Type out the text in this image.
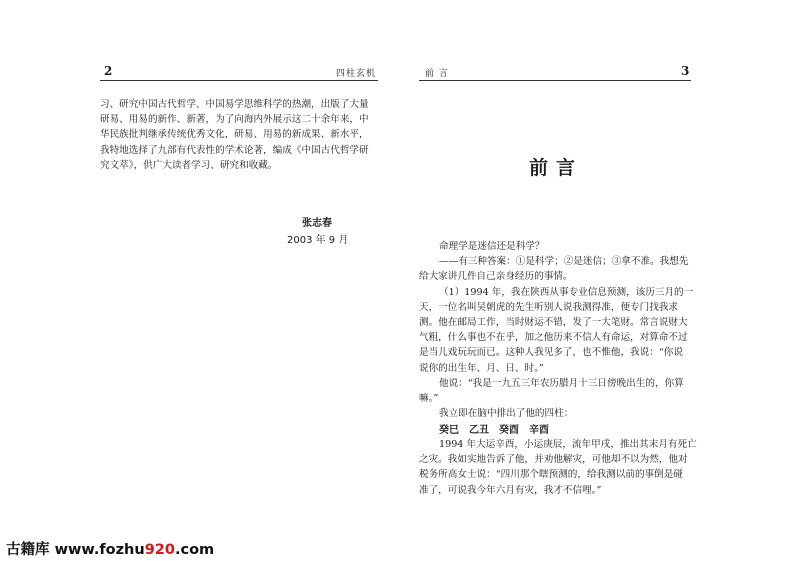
2	四柱玄机
习、研究中国古代哲学、中国易学思维科学的热潮，出版了大量
研易、用易的新作、新著，为了向海内外展示这二十余年来，中
华民族批判继承传统优秀文化，研易、用易的新成果、新水平，
我特地选择了九部有代表性的学术论著，编成《中国古代哲学研
究文萃》，供广大读者学习、研究和收藏。
张志春
2003 年 9 月
前 言	3
前言
命理学是迷信还是科学？
——有三种答案：①是科学；②是迷信；③拿不准。我想先
给大家讲几件自己亲身经历的事情。
（1）1994 年，我在陕西从事专业信息预测，该历三月的一
天，一位名叫吴朝虎的先生听别人说我测得准，便专门找我求
测。他在邮局工作，当时财运不错，发了一大笔财。常言说财大
气粗，什么事也不在乎，加之他历来不信人有命运，对算命不过
是当儿戏玩玩而已。这种人我见多了，也不惟他，我说：“你说
说你的出生年、月、日、时。”
他说：“我是一九五三年农历腊月十三日傍晚出生的，你算
嘛。”
我立即在脑中排出了他的四柱：
癸巳　乙丑　癸酉　辛酉
1994 年大运辛酉，小运庚辰，流年甲戌，推出其末月有死亡
之灾。我如实地告诉了他，并劝他解灾，可他却不以为然，他对
税务所高女士说：“四川那个瞎预测的，给我测以前的事倒是碰
准了，可说我今年六月有灾，我才不信哩。”
古籍库 www.fozhu920.com
